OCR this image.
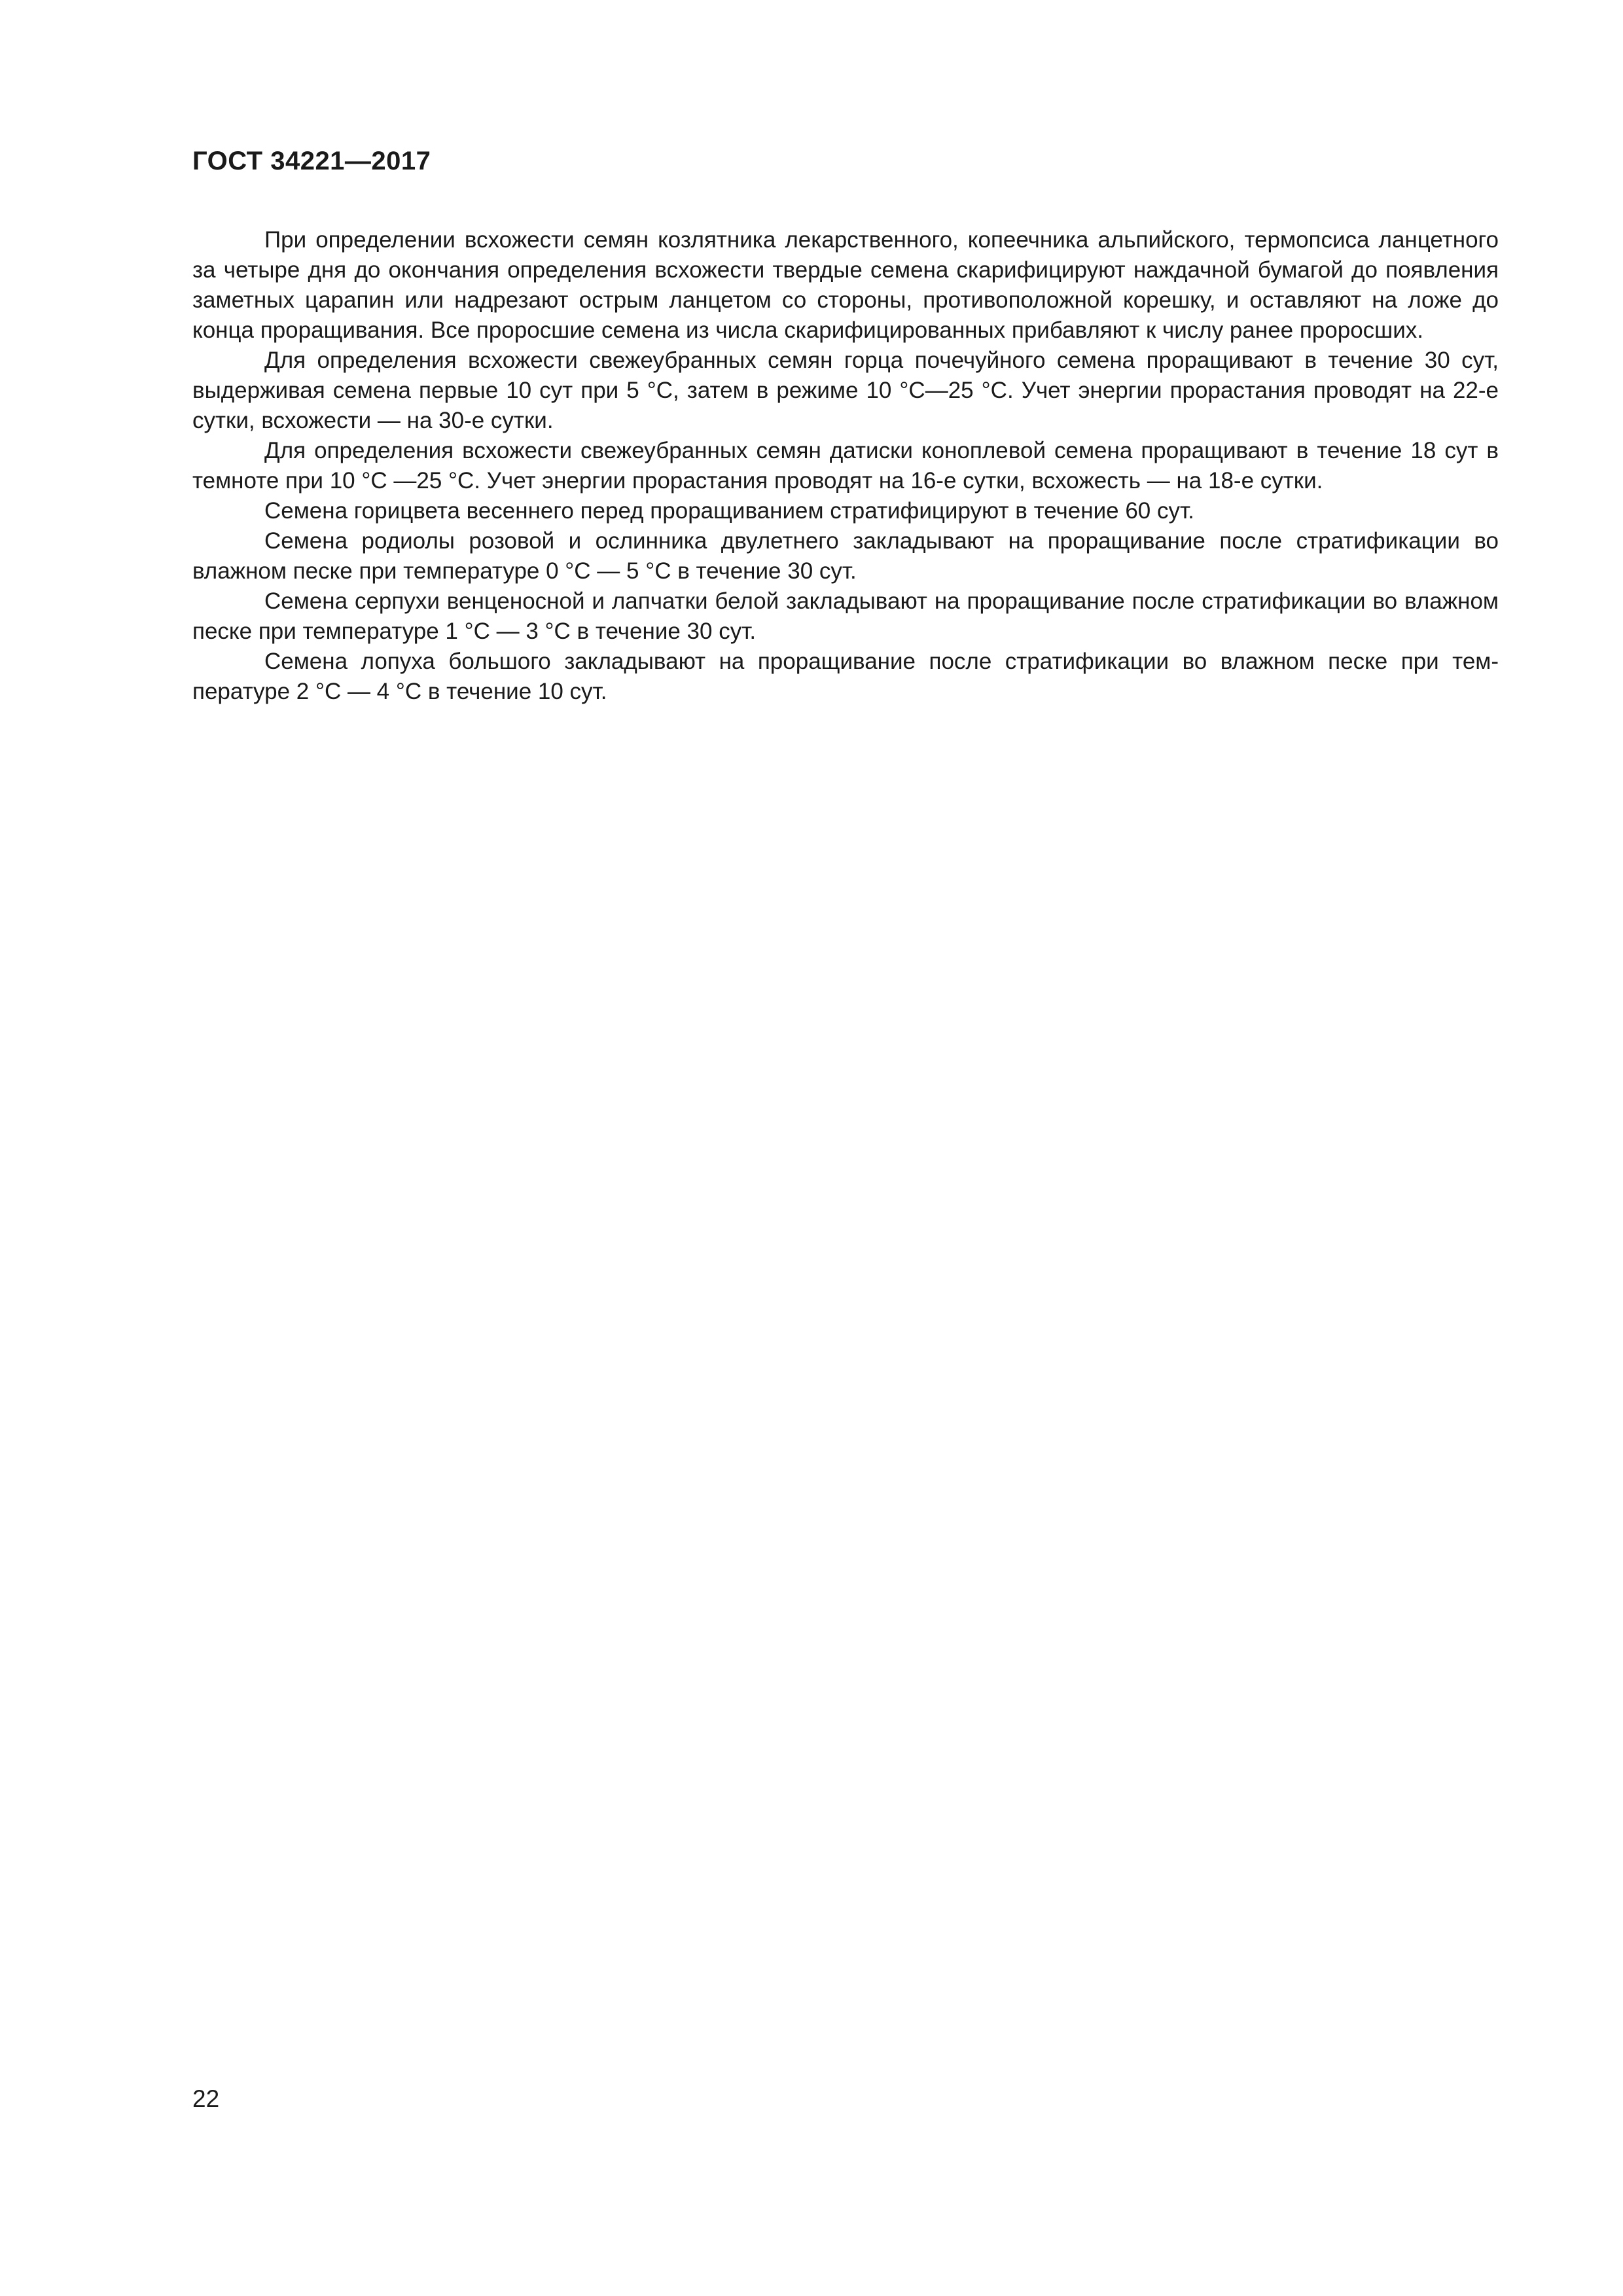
ГОСТ 34221—2017

При определении всхожести семян козлятника лекарственного, копеечника альпийского, термопсиса ланцетного за четыре дня до окончания определения всхожести твердые семена скарифицируют наждачной бумагой до появления заметных царапин или надрезают острым ланцетом со стороны, противоположной корешку, и оставляют на ложе до конца проращивания. Все проросшие семена из числа скарифицированных прибавляют к числу ранее проросших.

Для определения всхожести свежеубранных семян горца почечуйного семена проращивают в течение 30 сут, выдерживая семена первые 10 сут при 5 °С, затем в режиме 10 °С—25 °С. Учет энергии прорастания проводят на 22-е сутки, всхожести — на 30-е сутки.

Для определения всхожести свежеубранных семян датиски коноплевой семена проращивают в течение 18 сут в темноте при 10 °С —25 °С. Учет энергии прорастания проводят на 16-е сутки, всхожесть — на 18-е сутки.

Семена горицвета весеннего перед проращиванием стратифицируют в течение 60 сут.

Семена родиолы розовой и ослинника двулетнего закладывают на проращивание после стратификации во влажном песке при температуре 0 °С — 5 °С в течение 30 сут.

Семена серпухи венценосной и лапчатки белой закладывают на проращивание после стратификации во влажном песке при температуре 1 °С — 3 °С в течение 30 сут.

Семена лопуха большого закладывают на проращивание после стратификации во влажном песке при температуре 2 °С — 4 °С в течение 10 сут.

22
